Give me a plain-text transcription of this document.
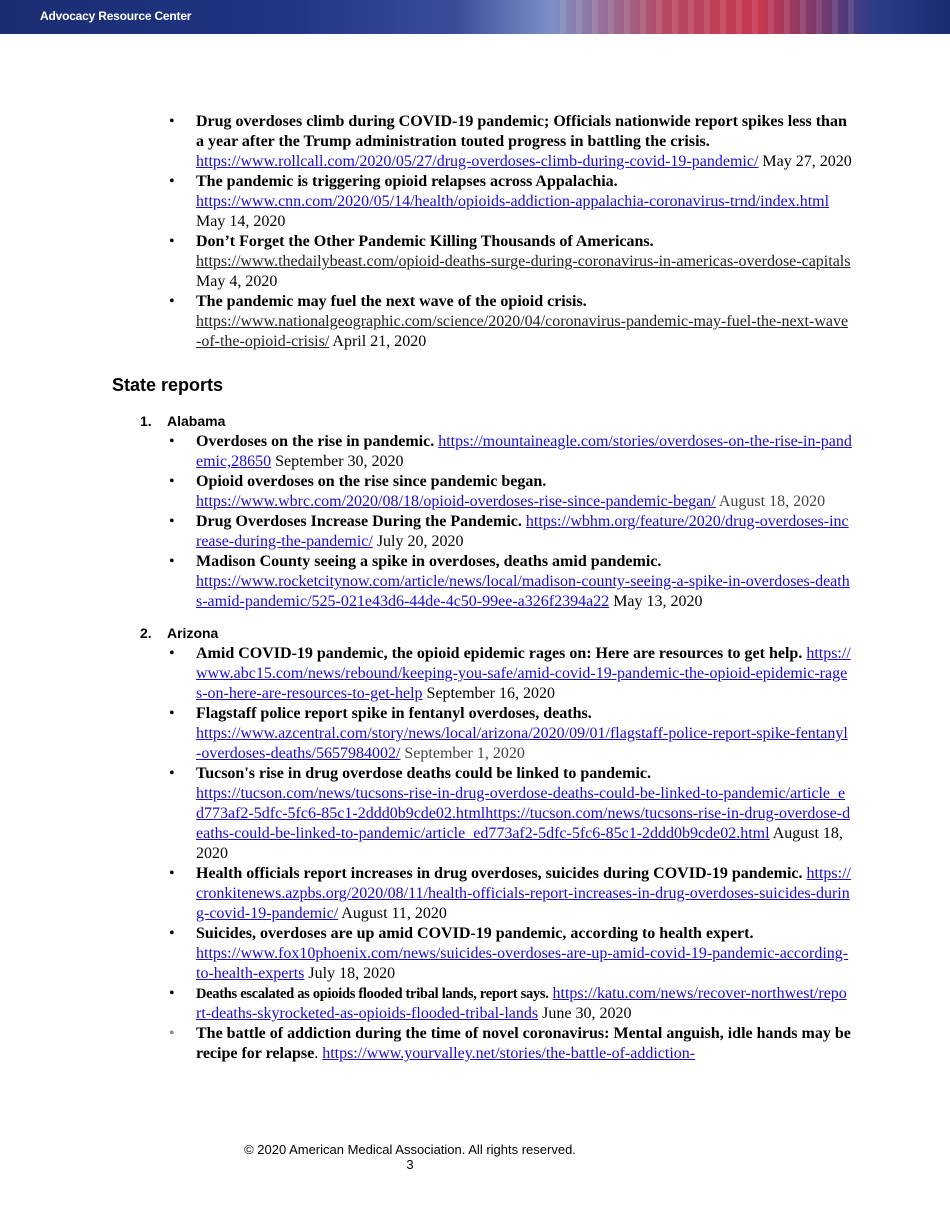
Advocacy Resource Center
• Drug overdoses climb during COVID-19 pandemic; Officials nationwide report spikes less than a year after the Trump administration touted progress in battling the crisis.
https://www.rollcall.com/2020/05/27/drug-overdoses-climb-during-covid-19-pandemic/ May 27, 2020
• The pandemic is triggering opioid relapses across Appalachia.
https://www.cnn.com/2020/05/14/health/opioids-addiction-appalachia-coronavirus-trnd/index.html May 14, 2020
• Don’t Forget the Other Pandemic Killing Thousands of Americans.
https://www.thedailybeast.com/opioid-deaths-surge-during-coronavirus-in-americas-overdose-capitals May 4, 2020
• The pandemic may fuel the next wave of the opioid crisis.
https://www.nationalgeographic.com/science/2020/04/coronavirus-pandemic-may-fuel-the-next-wave-of-the-opioid-crisis/ April 21, 2020
State reports
1. Alabama
• Overdoses on the rise in pandemic. https://mountaineagle.com/stories/overdoses-on-the-rise-in-pandemic,28650 September 30, 2020
• Opioid overdoses on the rise since pandemic began.
https://www.wbrc.com/2020/08/18/opioid-overdoses-rise-since-pandemic-began/ August 18, 2020
• Drug Overdoses Increase During the Pandemic. https://wbhm.org/feature/2020/drug-overdoses-increase-during-the-pandemic/ July 20, 2020
• Madison County seeing a spike in overdoses, deaths amid pandemic.
https://www.rocketcitynow.com/article/news/local/madison-county-seeing-a-spike-in-overdoses-deaths-amid-pandemic/525-021e43d6-44de-4c50-99ee-a326f2394a22 May 13, 2020
2. Arizona
• Amid COVID-19 pandemic, the opioid epidemic rages on: Here are resources to get help. https://www.abc15.com/news/rebound/keeping-you-safe/amid-covid-19-pandemic-the-opioid-epidemic-rages-on-here-are-resources-to-get-help September 16, 2020
• Flagstaff police report spike in fentanyl overdoses, deaths.
https://www.azcentral.com/story/news/local/arizona/2020/09/01/flagstaff-police-report-spike-fentanyl-overdoses-deaths/5657984002/ September 1, 2020
• Tucson's rise in drug overdose deaths could be linked to pandemic.
https://tucson.com/news/tucsons-rise-in-drug-overdose-deaths-could-be-linked-to-pandemic/article_ed773af2-5dfc-5fc6-85c1-2ddd0b9cde02.htmlhttps://tucson.com/news/tucsons-rise-in-drug-overdose-deaths-could-be-linked-to-pandemic/article_ed773af2-5dfc-5fc6-85c1-2ddd0b9cde02.html August 18, 2020
• Health officials report increases in drug overdoses, suicides during COVID-19 pandemic. https://cronkitenews.azpbs.org/2020/08/11/health-officials-report-increases-in-drug-overdoses-suicides-during-covid-19-pandemic/ August 11, 2020
• Suicides, overdoses are up amid COVID-19 pandemic, according to health expert.
https://www.fox10phoenix.com/news/suicides-overdoses-are-up-amid-covid-19-pandemic-according-to-health-experts July 18, 2020
• Deaths escalated as opioids flooded tribal lands, report says. https://katu.com/news/recover-northwest/report-deaths-skyrocketed-as-opioids-flooded-tribal-lands June 30, 2020
• The battle of addiction during the time of novel coronavirus: Mental anguish, idle hands may be recipe for relapse. https://www.yourvalley.net/stories/the-battle-of-addiction-
© 2020 American Medical Association. All rights reserved.
3
